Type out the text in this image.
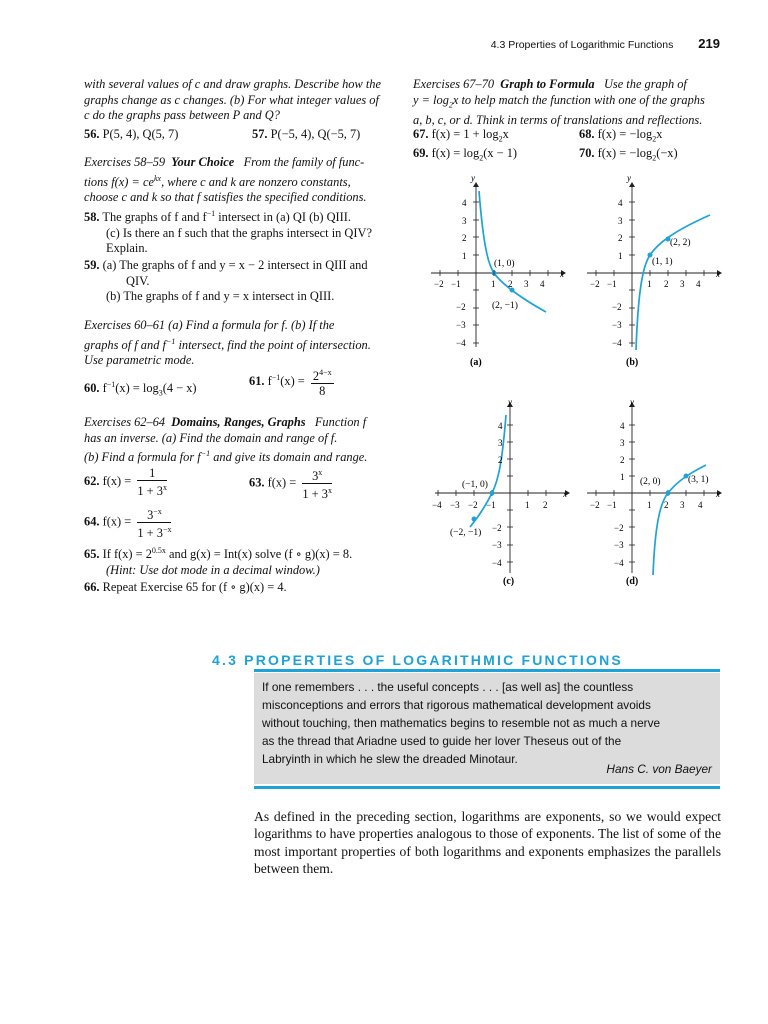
4.3 Properties of Logarithmic Functions 219
with several values of c and draw graphs. Describe how the
graphs change as c changes. (b) For what integer values of
c do the graphs pass between P and Q?
56. P(5, 4), Q(5, 7)	57. P(−5, 4), Q(−5, 7)
Exercises 58–59 Your Choice From the family of func-
tions $f(x) = ce^{kx}$, where c and k are nonzero constants,
choose c and k so that f satisfies the specified conditions.
58. The graphs of f and $f^{-1}$ intersect in (a) QI (b) QIII.
(c) Is there an f such that the graphs intersect in QIV?
Explain.
59. (a) The graphs of f and y = x − 2 intersect in QIII and
QIV.
(b) The graphs of f and y = x intersect in QIII.
Exercises 60–61 (a) Find a formula for f. (b) If the
graphs of f and $f^{-1}$ intersect, find the point of intersection.
Use parametric mode.
60. $f^{-1}(x) = \log_3(4 - x)$
61. $f^{-1}(x) = \frac{2^{4-x}}{8}$
Exercises 62–64 Domains, Ranges, Graphs Function f
has an inverse. (a) Find the domain and range of f.
(b) Find a formula for $f^{-1}$ and give its domain and range.
62. $f(x) = \frac{1}{1 + 3^x}$	63. $f(x) = \frac{3^x}{1 + 3^x}$
64. $f(x) = \frac{3^{-x}}{1 + 3^{-x}}$
65. If $f(x) = 2^{0.5x}$ and g(x) = Int(x) solve (f ∘ g)(x) = 8.
(Hint: Use dot mode in a decimal window.)
66. Repeat Exercise 65 for (f ∘ g)(x) = 4.
Exercises 67–70 Graph to Formula Use the graph of
$y = \log_2x$ to help match the function with one of the graphs
a, b, c, or d. Think in terms of translations and reflections.
67. $f(x) = 1 + \log_2x$	68. $f(x) = -\log_2x$
69. $f(x) = \log_2(x - 1)$	70. $f(x) = -\log_2(-x)$
y
x
4
3
2
1
−2 −1	1 2 3 4
−2
−3
−4
(1, 0)
(2, −1)
(a)
y
x
4
3
2
1
−2 −1	1 2 3 4
−2
−3
−4
(2, 2)
(1, 1)
(b)
y
x
4
3
2
−4 −3 −2 −1	1 2
−2
−3
−4
(−1, 0)
(−2, −1)
(c)
y
x
4
3
2
1
−2 −1	1 2 3 4
−2
−3
−4
(2, 0)	(3, 1)
(d)
4.3 PROPERTIES OF LOGARITHMIC FUNCTIONS
If one remembers . . . the useful concepts . . . [as well as] the countless
misconceptions and errors that rigorous mathematical development avoids
without touching, then mathematics begins to resemble not as much a nerve
as the thread that Ariadne used to guide her lover Theseus out of the
Labryinth in which he slew the dreaded Minotaur.
Hans C. von Baeyer
As defined in the preceding section, logarithms are exponents, so we would expect logarithms to have properties analogous to those of exponents. The list of some of the most important properties of both logarithms and exponents emphasizes the parallels between them.
